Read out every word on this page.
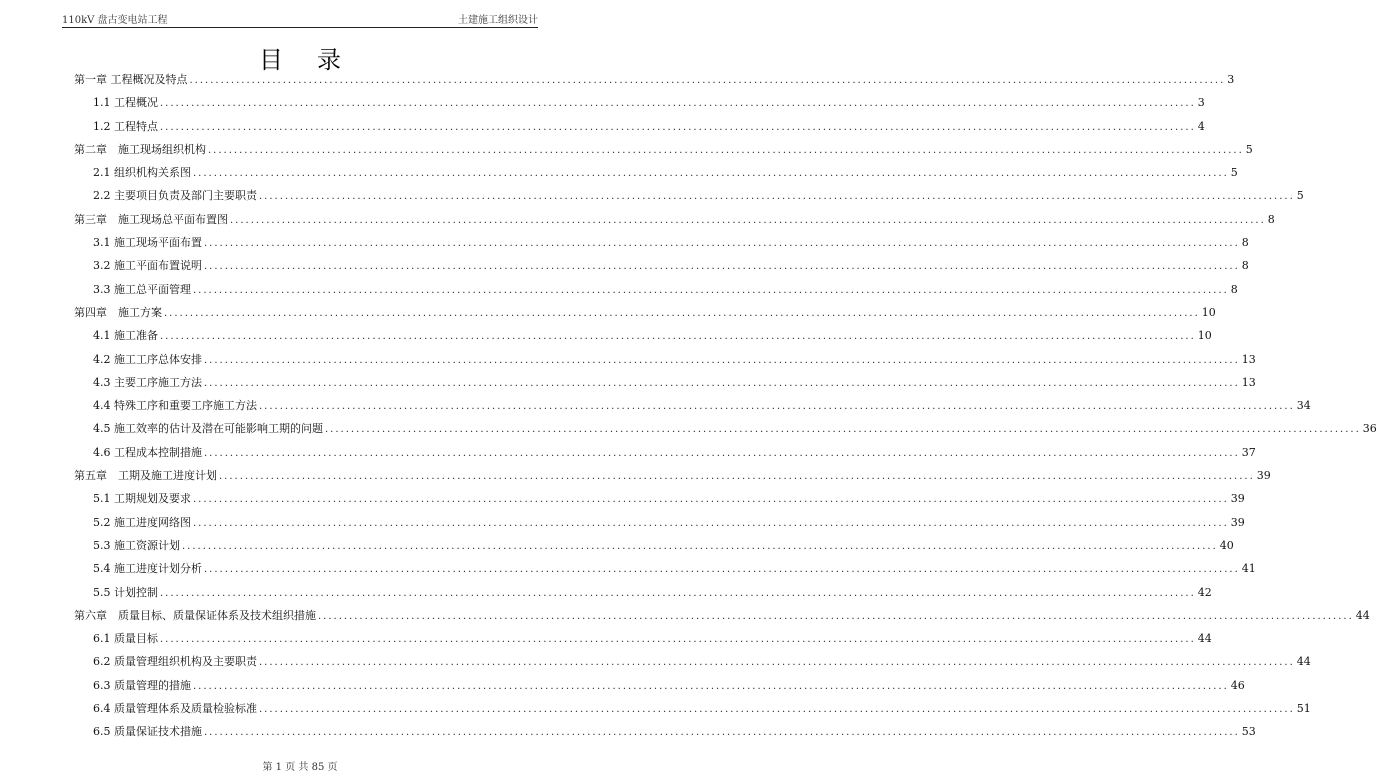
110kV 盘古变电站工程	土建施工组织设计
目录
第一章 工程概况及特点 ........................................................................................................................................................................................................ 3
1.1 工程概况 ........................................................................................................................................................................................................ 3
1.2 工程特点 ........................................................................................................................................................................................................ 4
第二章　施工现场组织机构 ........................................................................................................................................................................................................ 5
2.1 组织机构关系图 ........................................................................................................................................................................................................ 5
2.2 主要项目负责及部门主要职责 ........................................................................................................................................................................................................ 5
第三章　施工现场总平面布置图 ........................................................................................................................................................................................................ 8
3.1 施工现场平面布置 ........................................................................................................................................................................................................ 8
3.2 施工平面布置说明 ........................................................................................................................................................................................................ 8
3.3 施工总平面管理 ........................................................................................................................................................................................................ 8
第四章　施工方案 ........................................................................................................................................................................................................ 10
4.1 施工准备 ........................................................................................................................................................................................................ 10
4.2 施工工序总体安排 ........................................................................................................................................................................................................ 13
4.3 主要工序施工方法 ........................................................................................................................................................................................................ 13
4.4 特殊工序和重要工序施工方法 ........................................................................................................................................................................................................ 34
4.5 施工效率的估计及潜在可能影响工期的问题 ........................................................................................................................................................................................................ 36
4.6 工程成本控制措施 ........................................................................................................................................................................................................ 37
第五章　工期及施工进度计划 ........................................................................................................................................................................................................ 39
5.1 工期规划及要求 ........................................................................................................................................................................................................ 39
5.2 施工进度网络图 ........................................................................................................................................................................................................ 39
5.3 施工资源计划 ........................................................................................................................................................................................................ 40
5.4 施工进度计划分析 ........................................................................................................................................................................................................ 41
5.5 计划控制 ........................................................................................................................................................................................................ 42
第六章　质量目标、质量保证体系及技术组织措施 ........................................................................................................................................................................................................ 44
6.1 质量目标 ........................................................................................................................................................................................................ 44
6.2 质量管理组织机构及主要职责 ........................................................................................................................................................................................................ 44
6.3 质量管理的措施 ........................................................................................................................................................................................................ 46
6.4 质量管理体系及质量检验标准 ........................................................................................................................................................................................................ 51
6.5 质量保证技术措施 ........................................................................................................................................................................................................ 53
第 1 页 共 85 页
